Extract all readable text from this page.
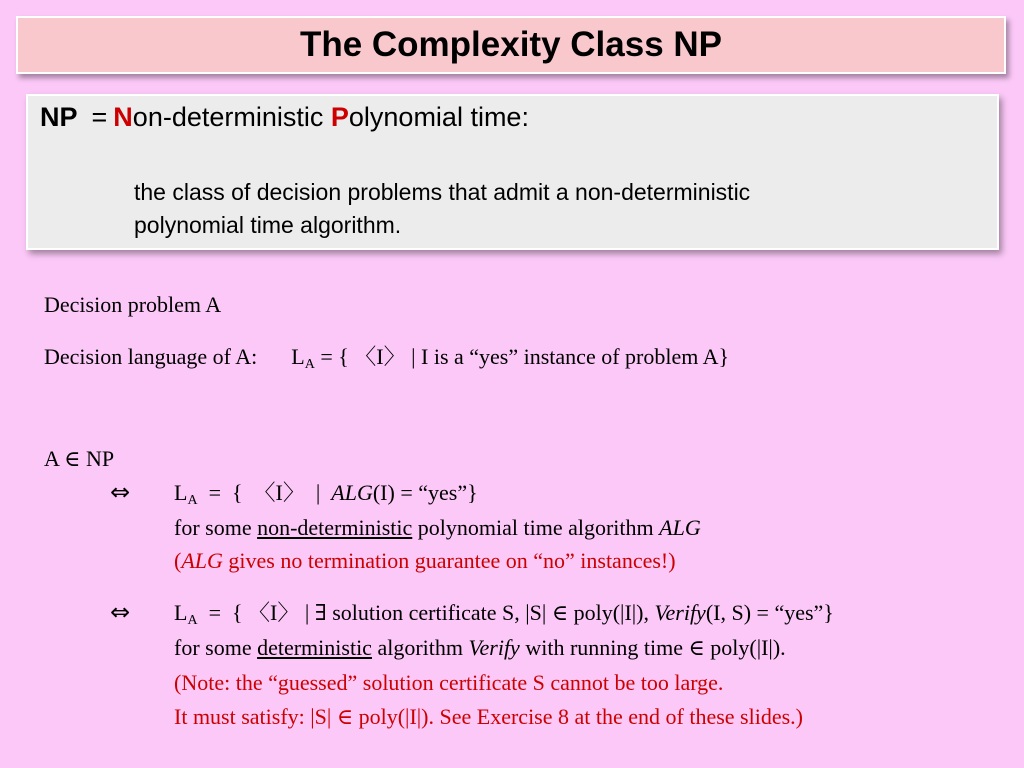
The Complexity Class NP
NP = Non-deterministic Polynomial time:
the class of decision problems that admit a non-deterministic
polynomial time algorithm.
Decision problem A
Decision language of A: $L_A$ = { 〈I〉 | I is a “yes” instance of problem A}
A ∈ NP
⇔ $L_A$  =  {  〈I〉  |  ALG(I) = “yes”}
for some non-deterministic polynomial time algorithm ALG
(ALG gives no termination guarantee on “no” instances!)
⇔ $L_A$  =  { 〈I〉 | ∃ solution certificate S, |S| ∈ poly(|I|), Verify(I, S) = “yes”}
for some deterministic algorithm Verify with running time ∈ poly(|I|).
(Note: the “guessed” solution certificate S cannot be too large.
It must satisfy: |S| ∈ poly(|I|). See Exercise 8 at the end of these slides.)
